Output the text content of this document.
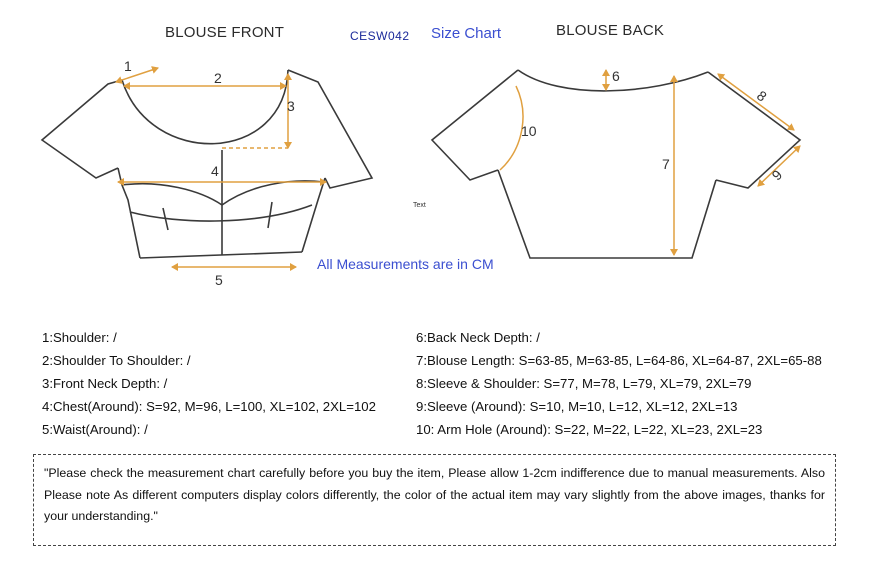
BLOUSE FRONT	CESW042 Size Chart	BLOUSE BACK
1
2
3
4
5
6
7
8
9
10
Text
All Measurements are in CM
1:Shoulder: /
2:Shoulder To Shoulder: /
3:Front Neck Depth: /
4:Chest(Around): S=92, M=96, L=100, XL=102, 2XL=102
5:Waist(Around): /
6:Back Neck Depth: /
7:Blouse Length: S=63-85, M=63-85, L=64-86, XL=64-87, 2XL=65-88
8:Sleeve & Shoulder: S=77, M=78, L=79, XL=79, 2XL=79
9:Sleeve (Around): S=10, M=10, L=12, XL=12, 2XL=13
10: Arm Hole (Around): S=22, M=22, L=22, XL=23, 2XL=23
"Please check the measurement chart carefully before you buy the item, Please allow 1-2cm indifference due to manual measurements. Also Please note As different computers display colors differently, the color of the actual item may vary slightly from the above images, thanks for your understanding."
